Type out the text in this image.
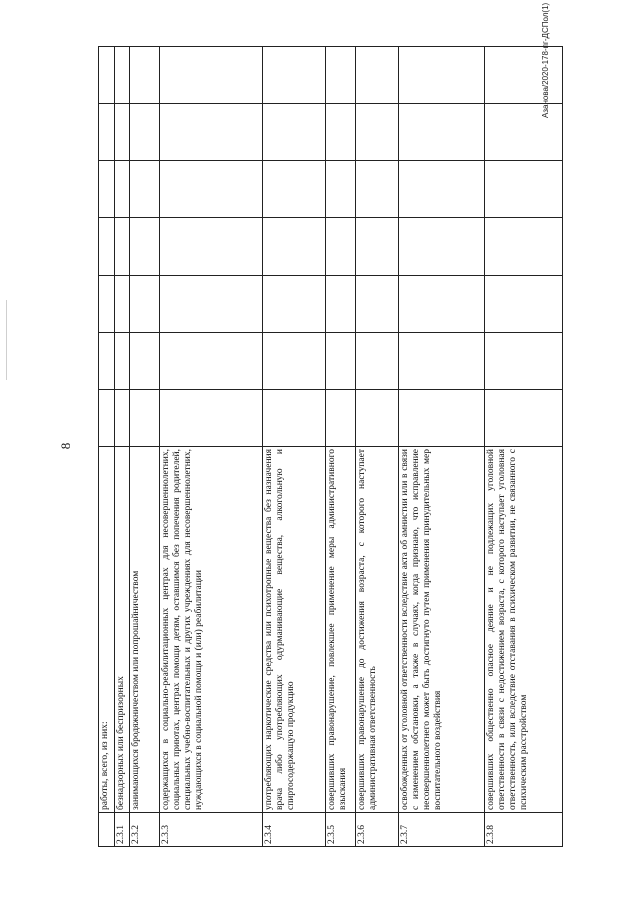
8
Азанова/2020-178-пг-ДСПол(1)
	работы, всего, из них:							
2.3.1	безнадзорных или беспризорных							
2.3.2	занимающихся бродяжничеством или попрошайничеством							
2.3.3	содержащихся в социально-реабилитационных центрах для несовершеннолетних, социальных приютах, центрах помощи детям, оставшимся без попечения родителей, специальных учебно-воспитательных и других учреждениях для несовершеннолетних, нуждающихся в социальной помощи и (или) реабилитации							
2.3.4	употребляющих наркотические средства или психотропные вещества без назначения врача либо употребляющих одурманивающие вещества, алкогольную и спиртосодержащую продукцию							
2.3.5	совершивших правонарушение, повлекшее применение меры административного взыскания							
2.3.6	совершивших правонарушение до достижения возраста, с которого наступает административная ответственность							
2.3.7	освобожденных от уголовной ответственности вследствие акта об амнистии или в связи с изменением обстановки, а также в случаях, когда признано, что исправление несовершеннолетнего может быть достигнуто путем применения принудительных мер воспитательного воздействия							
2.3.8	совершивших общественно опасное деяние и не подлежащих уголовной ответственности в связи с недостижением возраста, с которого наступает уголовная ответственность, или вследствие отставания в психическом развитии, не связанного с психическим расстройством							
